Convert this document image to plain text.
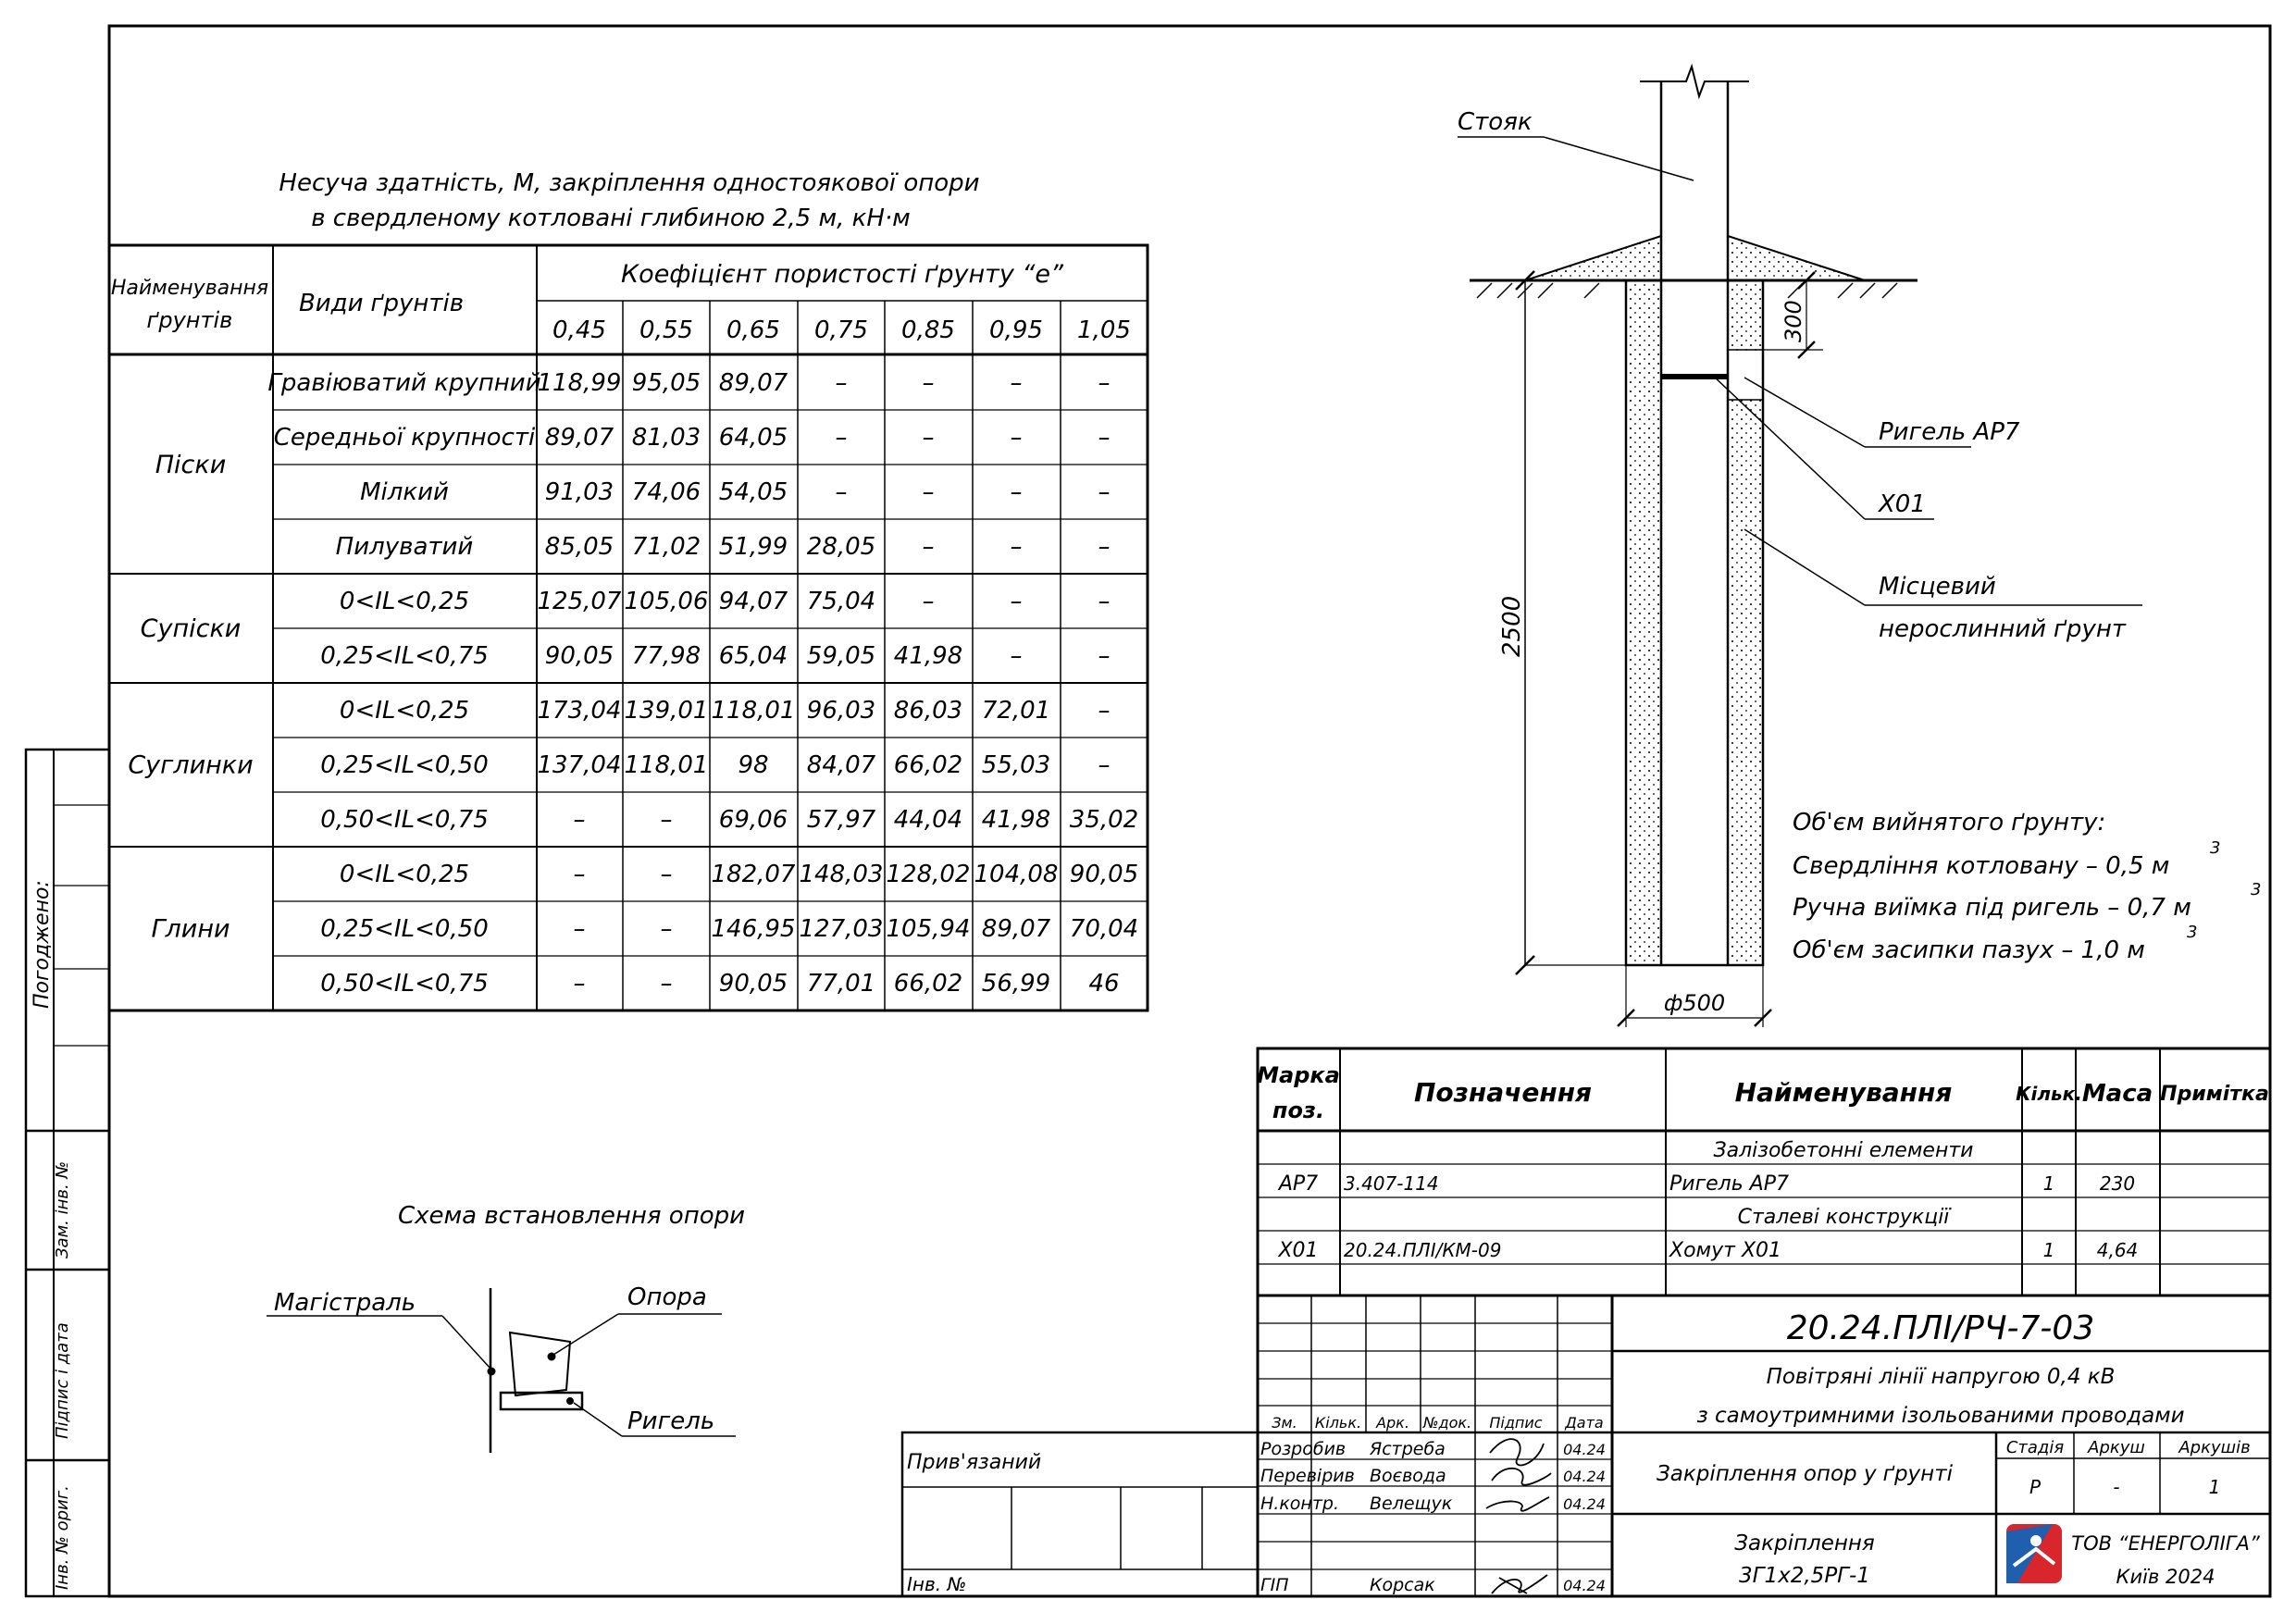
Погоджено:
Зам. інв. №
Підпис і дата
Інв. № ориг.
Несуча здатність, М, закріплення одностоякової опори
в свердленому котловані глибиною 2,5 м, кН·м
Найменування
ґрунтів
Види ґрунтів
Коефіцієнт пористості ґрунту “е”
0,45 0,55 0,65 0,75 0,85 0,95 1,05
Піски
Гравіюватий крупний
118,99 95,05 89,07 –	–	–	–
Середньої крупності 89,07 81,03 64,05 –	–	–	–
Мілкий	91,03 74,06 54,05 –	–	–	–
Пилуватий	85,05 71,02 51,99 28,05 –	–	–
Супіски
0<IL<0,25	125,07 105,06 94,07 75,04 –	–	–
0,25<IL<0,75 90,05 77,98 65,04 59,05 41,98 –	–
Суглинки
0<IL<0,25	173,04 139,01 118,01 96,03 86,03 72,01 –
0,25<IL<0,50 137,04 118,01 98 84,07 66,02 55,03 –
0,50<IL<0,75	–	– 69,06 57,97 44,04 41,98 35,02
Глини
0<IL<0,25	–	– 182,07 148,03 128,02 104,08 90,05
0,25<IL<0,50	–	– 146,95 127,03 105,94 89,07 70,04
0,50<IL<0,75	–	– 90,05 77,01 66,02 56,99 46
Стояк
Ригель АР7
Х01
Місцевий
нерослинний ґрунт
300
2500
ф500
Об'єм вийнятого ґрунту:
Свердління котловану – 0,5 м
3
Ручна виїмка під ригель – 0,7 м
3
Об'єм засипки пазух – 1,0 м
3
Схема встановлення опори
Магістраль	Опора
Ригель
Марка
поз.
Позначення	Найменування	Кільк. Маса Примітка
Залізобетонні елементи
АР7 3.407-114	Ригель АР7	1 230
Сталеві конструкції
Х01 20.24.ПЛІ/КМ-09	Хомут Х01	1 4,64
20.24.ПЛІ/РЧ-7-03
Повітряні лінії напругою 0,4 кВ
з самоутримними ізольованими проводами
Зм. Кільк. Арк. №док. Підпис Дата
Розробив Ястреба	04.24
Перевірив Воєвода	04.24
Н.контр. Велещук	04.24
ГІП	Корсак	04.24
Закріплення опор у ґрунті
Стадія Аркуш Аркушів
Р	-	1
Закріплення
3Г1х2,5РГ-1
ТОВ “ЕНЕРГОЛІГА”
Київ 2024
Прив'язаний
Інв. №
